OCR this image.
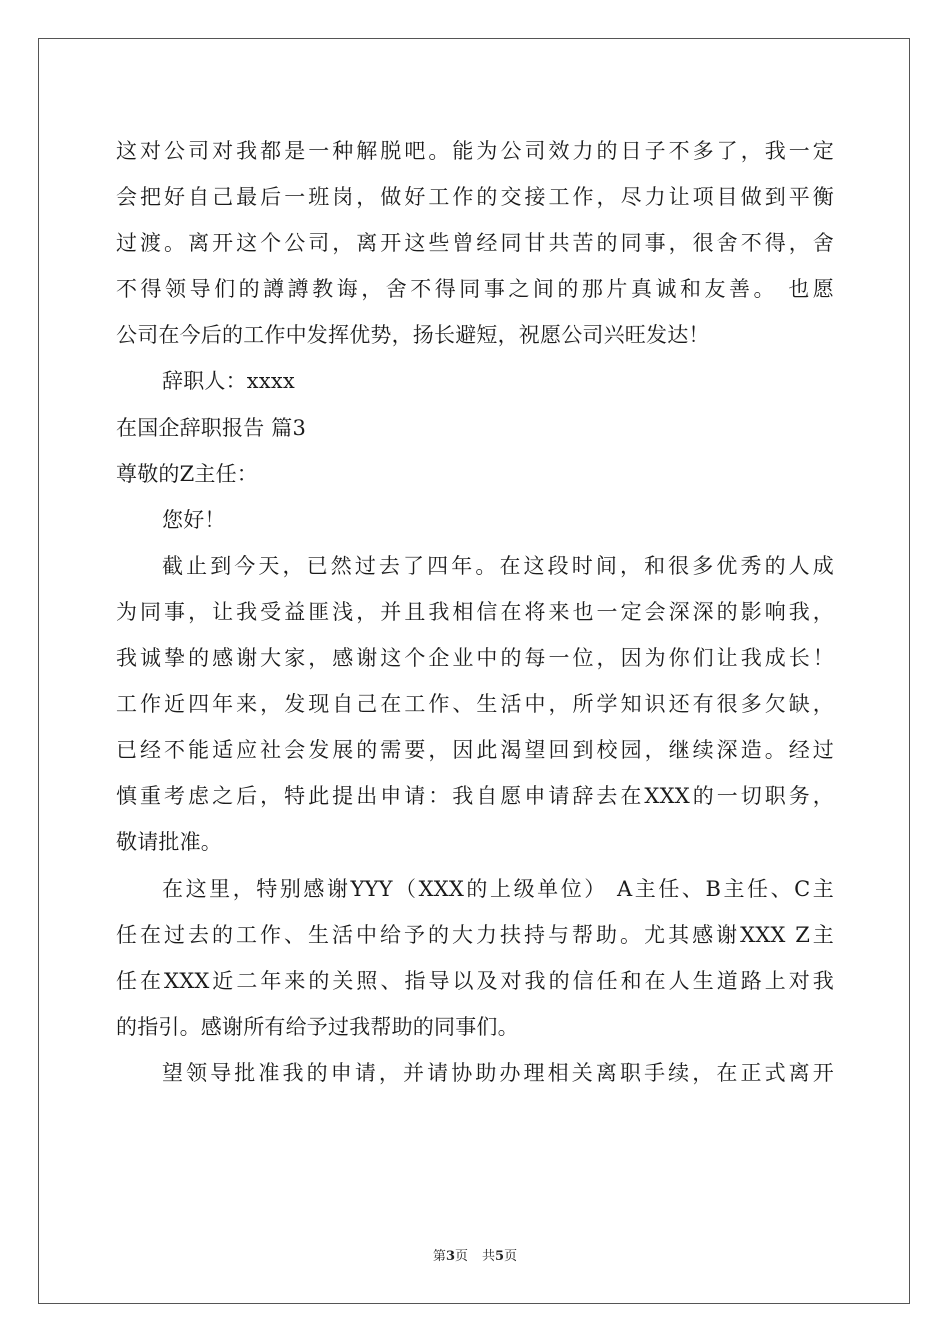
这对公司对我都是一种解脱吧。能为公司效力的日子不多了，我一定
会把好自己最后一班岗，做好工作的交接工作，尽力让项目做到平衡
过渡。离开这个公司，离开这些曾经同甘共苦的同事，很舍不得，舍
不得领导们的譐譐教诲，舍不得同事之间的那片真诚和友善。 也愿
公司在今后的工作中发挥优势，扬长避短，祝愿公司兴旺发达！
辞职人：xxxx
在国企辞职报告 篇3
尊敬的Z主任：
您好！
截止到今天，已然过去了四年。在这段时间，和很多优秀的人成
为同事，让我受益匪浅，并且我相信在将来也一定会深深的影响我，
我诚挚的感谢大家，感谢这个企业中的每一位，因为你们让我成长！
工作近四年来，发现自己在工作、生活中，所学知识还有很多欠缺，
已经不能适应社会发展的需要，因此渴望回到校园，继续深造。经过
慎重考虑之后，特此提出申请：我自愿申请辞去在XXX的一切职务，
敬请批准。
在这里，特别感谢YYY（XXX的上级单位） A主任、B主任、C主
任在过去的工作、生活中给予的大力扶持与帮助。尤其感谢XXX Z主
任在XXX近二年来的关照、指导以及对我的信任和在人生道路上对我
的指引。感谢所有给予过我帮助的同事们。
望领导批准我的申请，并请协助办理相关离职手续，在正式离开
第3页 共5页
